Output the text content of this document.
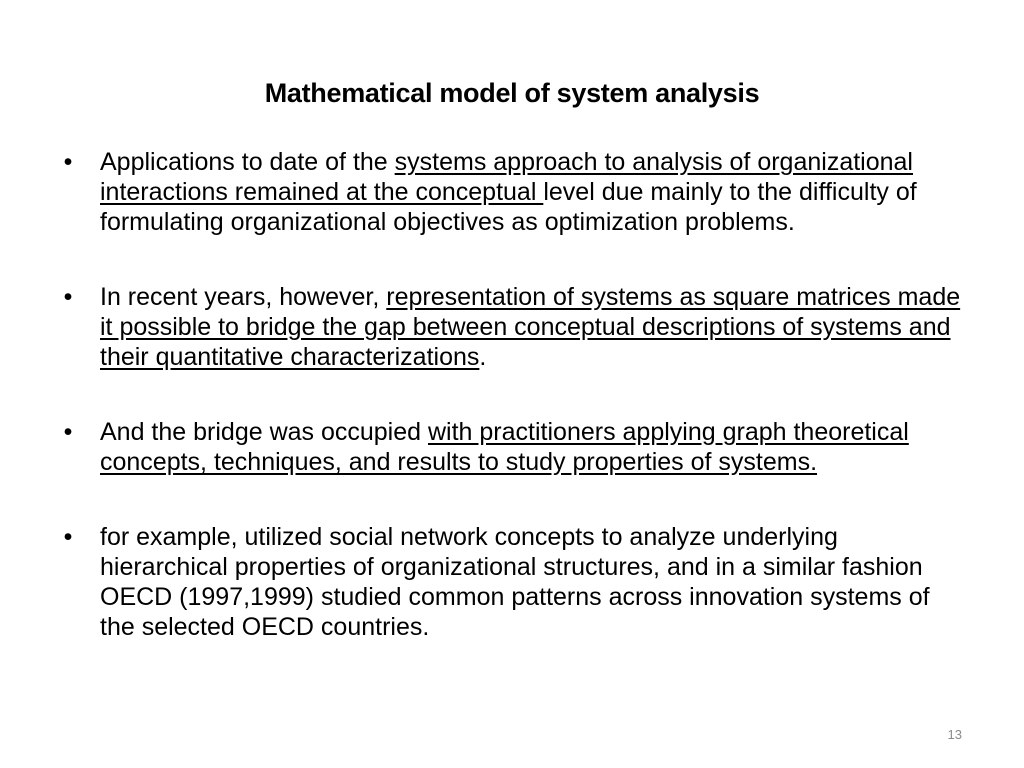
Mathematical model of system analysis
• Applications to date of the systems approach to analysis of organizational interactions remained at the conceptual level due mainly to the difficulty of formulating organizational objectives as optimization problems.
• In recent years, however, representation of systems as square matrices made it possible to bridge the gap between conceptual descriptions of systems and their quantitative characterizations.
• And the bridge was occupied with practitioners applying graph theoretical concepts, techniques, and results to study properties of systems.
• for example, utilized social network concepts to analyze underlying hierarchical properties of organizational structures, and in a similar fashion OECD (1997,1999) studied common patterns across innovation systems of the selected OECD countries.
13
